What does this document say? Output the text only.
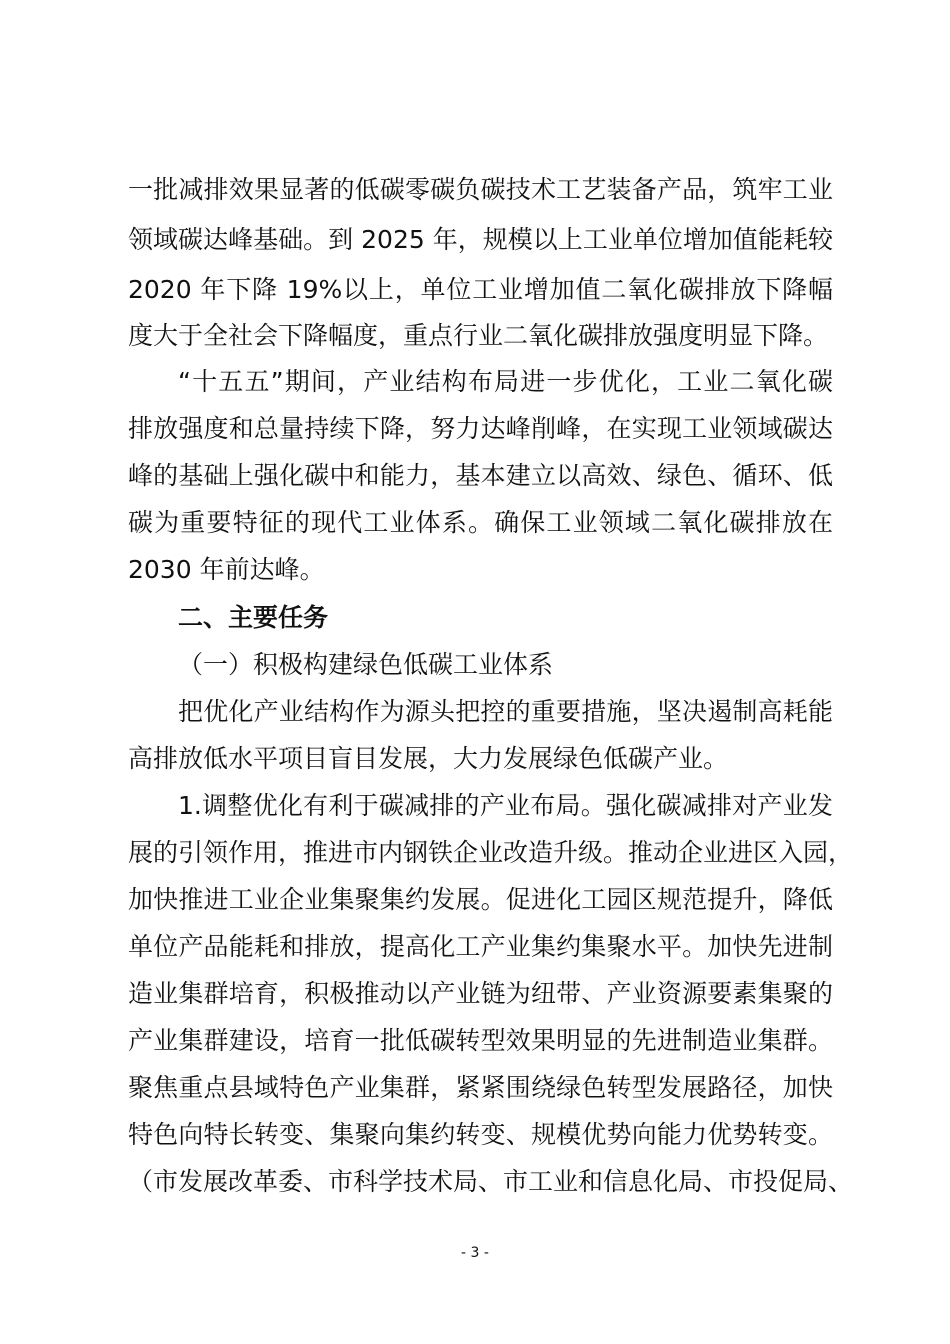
一批减排效果显著的低碳零碳负碳技术工艺装备产品，筑牢工业
领域碳达峰基础。到 2025 年，规模以上工业单位增加值能耗较
2020 年下降 19%以上，单位工业增加值二氧化碳排放下降幅
度大于全社会下降幅度，重点行业二氧化碳排放强度明显下降。
“十五五”期间，产业结构布局进一步优化，工业二氧化碳
排放强度和总量持续下降，努力达峰削峰，在实现工业领域碳达
峰的基础上强化碳中和能力，基本建立以高效、绿色、循环、低
碳为重要特征的现代工业体系。确保工业领域二氧化碳排放在
2030 年前达峰。
二、主要任务
（一）积极构建绿色低碳工业体系
把优化产业结构作为源头把控的重要措施，坚决遏制高耗能
高排放低水平项目盲目发展，大力发展绿色低碳产业。
1.调整优化有利于碳减排的产业布局。强化碳减排对产业发
展的引领作用，推进市内钢铁企业改造升级。推动企业进区入园，
加快推进工业企业集聚集约发展。促进化工园区规范提升，降低
单位产品能耗和排放，提高化工产业集约集聚水平。加快先进制
造业集群培育，积极推动以产业链为纽带、产业资源要素集聚的
产业集群建设，培育一批低碳转型效果明显的先进制造业集群。
聚焦重点县域特色产业集群，紧紧围绕绿色转型发展路径，加快
特色向特长转变、集聚向集约转变、规模优势向能力优势转变。
（市发展改革委、市科学技术局、市工业和信息化局、市投促局、
- 3 -
